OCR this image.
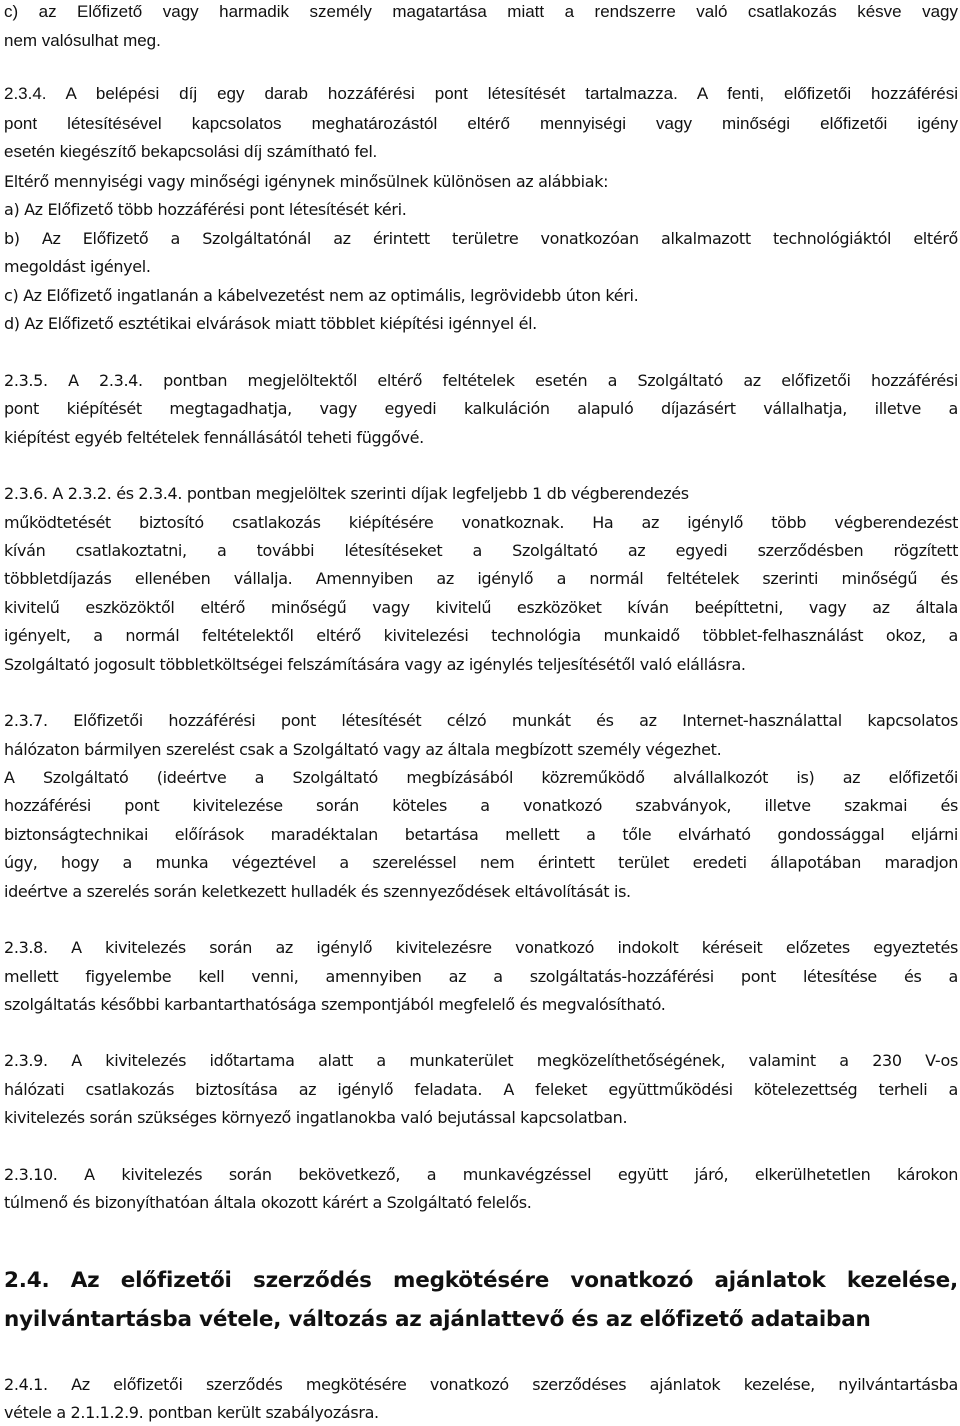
c) az Előfizető vagy harmadik személy magatartása miatt a rendszerre való csatlakozás késve vagy
nem valósulhat meg.
2.3.4. A belépési díj egy darab hozzáférési pont létesítését tartalmazza. A fenti, előfizetői hozzáférési
pont létesítésével kapcsolatos meghatározástól eltérő mennyiségi vagy minőségi előfizetői igény
esetén kiegészítő bekapcsolási díj számítható fel.
Eltérő mennyiségi vagy minőségi igénynek minősülnek különösen az alábbiak:
a) Az Előfizető több hozzáférési pont létesítését kéri.
b) Az Előfizető a Szolgáltatónál az érintett területre vonatkozóan alkalmazott technológiáktól eltérő
megoldást igényel.
c) Az Előfizető ingatlanán a kábelvezetést nem az optimális, legrövidebb úton kéri.
d) Az Előfizető esztétikai elvárások miatt többlet kiépítési igénnyel él.
2.3.5. A 2.3.4. pontban megjelöltektől eltérő feltételek esetén a Szolgáltató az előfizetői hozzáférési
pont kiépítését megtagadhatja, vagy egyedi kalkuláción alapuló díjazásért vállalhatja, illetve a
kiépítést egyéb feltételek fennállásától teheti függővé.
2.3.6. A 2.3.2. és 2.3.4. pontban megjelöltek szerinti díjak legfeljebb 1 db végberendezés
működtetését biztosító csatlakozás kiépítésére vonatkoznak. Ha az igénylő több végberendezést
kíván csatlakoztatni, a további létesítéseket a Szolgáltató az egyedi szerződésben rögzített
többletdíjazás ellenében vállalja. Amennyiben az igénylő a normál feltételek szerinti minőségű és
kivitelű eszközöktől eltérő minőségű vagy kivitelű eszközöket kíván beépíttetni, vagy az általa
igényelt, a normál feltételektől eltérő kivitelezési technológia munkaidő többlet-felhasználást okoz, a
Szolgáltató jogosult többletköltségei felszámítására vagy az igénylés teljesítésétől való elállásra.
2.3.7. Előfizetői hozzáférési pont létesítését célzó munkát és az Internet-használattal kapcsolatos
hálózaton bármilyen szerelést csak a Szolgáltató vagy az általa megbízott személy végezhet.
A Szolgáltató (ideértve a Szolgáltató megbízásából közreműködő alvállalkozót is) az előfizetői
hozzáférési pont kivitelezése során köteles a vonatkozó szabványok, illetve szakmai és
biztonságtechnikai előírások maradéktalan betartása mellett a tőle elvárható gondossággal eljárni
úgy, hogy a munka végeztével a szereléssel nem érintett terület eredeti állapotában maradjon
ideértve a szerelés során keletkezett hulladék és szennyeződések eltávolítását is.
2.3.8. A kivitelezés során az igénylő kivitelezésre vonatkozó indokolt kéréseit előzetes egyeztetés
mellett figyelembe kell venni, amennyiben az a szolgáltatás-hozzáférési pont létesítése és a
szolgáltatás későbbi karbantarthatósága szempontjából megfelelő és megvalósítható.
2.3.9. A kivitelezés időtartama alatt a munkaterület megközelíthetőségének, valamint a 230 V-os
hálózati csatlakozás biztosítása az igénylő feladata. A feleket együttműködési kötelezettség terheli a
kivitelezés során szükséges környező ingatlanokba való bejutással kapcsolatban.
2.3.10. A kivitelezés során bekövetkező, a munkavégzéssel együtt járó, elkerülhetetlen károkon
túlmenő és bizonyíthatóan általa okozott kárért a Szolgáltató felelős.
2.4. Az előfizetői szerződés megkötésére vonatkozó ajánlatok kezelése,
nyilvántartásba vétele, változás az ajánlattevő és az előfizető adataiban
2.4.1. Az előfizetői szerződés megkötésére vonatkozó szerződéses ajánlatok kezelése, nyilvántartásba
vétele a 2.1.1.2.9. pontban került szabályozásra.
